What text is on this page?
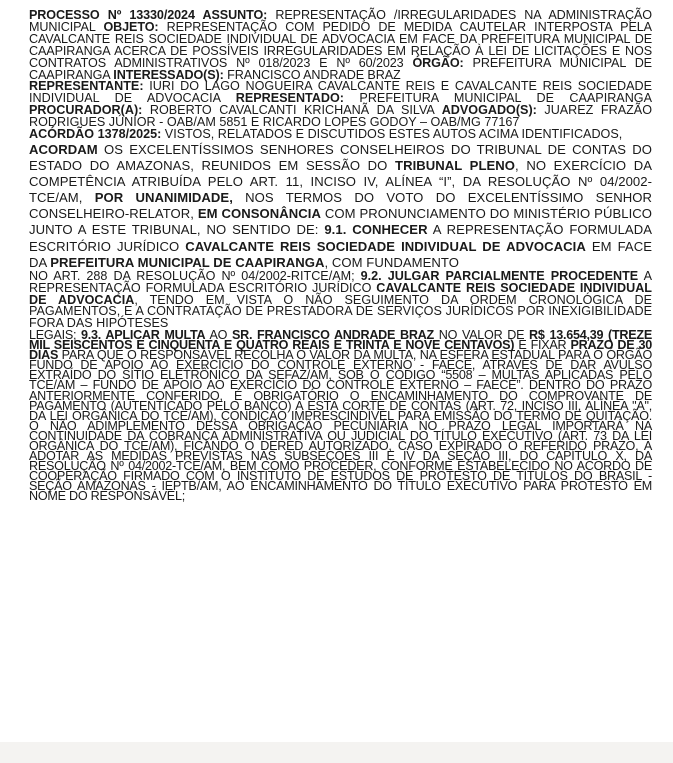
PROCESSO Nº 13330/2024 ASSUNTO: REPRESENTAÇÃO /IRREGULARIDADES NA ADMINISTRAÇÃO MUNICIPAL OBJETO: REPRESENTAÇÃO COM PEDIDO DE MEDIDA CAUTELAR INTERPOSTA PELA CAVALCANTE REIS SOCIEDADE INDIVIDUAL DE ADVOCACIA EM FACE DA PREFEITURA MUNICIPAL DE CAAPIRANGA ACERCA DE POSSÍVEIS IRREGULARIDADES EM RELAÇÃO À LEI DE LICITAÇÕES E NOS CONTRATOS ADMINISTRATIVOS Nº 018/2023 E Nº 60/2023 ÓRGÃO: PREFEITURA MUNICIPAL DE CAAPIRANGA INTERESSADO(S): FRANCISCO ANDRADE BRAZ

REPRESENTANTE: IURI DO LAGO NOGUEIRA CAVALCANTE REIS E CAVALCANTE REIS SOCIEDADE INDIVIDUAL DE ADVOCACIA REPRESENTADO: PREFEITURA MUNICIPAL DE CAAPIRANGA PROCURADOR(A): ROBERTO CAVALCANTI KRICHANÃ DA SILVA ADVOGADO(S): JUAREZ FRAZÃO RODRIGUES JÚNIOR - OAB/AM 5851 E RICARDO LOPES GODOY – OAB/MG 77167

ACÓRDÃO 1378/2025: VISTOS, RELATADOS E DISCUTIDOS ESTES AUTOS ACIMA IDENTIFICADOS,

ACORDAM OS EXCELENTÍSSIMOS SENHORES CONSELHEIROS DO TRIBUNAL DE CONTAS DO ESTADO DO AMAZONAS, REUNIDOS EM SESSÃO DO TRIBUNAL PLENO, NO EXERCÍCIO DA COMPETÊNCIA ATRIBUÍDA PELO ART. 11, INCISO IV, ALÍNEA “I”, DA RESOLUÇÃO Nº 04/2002-TCE/AM, POR UNANIMIDADE, NOS TERMOS DO VOTO DO EXCELENTÍSSIMO SENHOR CONSELHEIRO-RELATOR, EM CONSONÂNCIA COM PRONUNCIAMENTO DO MINISTÉRIO PÚBLICO JUNTO A ESTE TRIBUNAL, NO SENTIDO DE: 9.1. CONHECER A REPRESENTAÇÃO FORMULADA ESCRITÓRIO JURÍDICO CAVALCANTE REIS SOCIEDADE INDIVIDUAL DE ADVOCACIA EM FACE DA PREFEITURA MUNICIPAL DE CAAPIRANGA, COM FUNDAMENTO

NO ART. 288 DA RESOLUÇÃO Nº 04/2002-RITCE/AM; 9.2. JULGAR PARCIALMENTE PROCEDENTE A REPRESENTAÇÃO FORMULADA ESCRITÓRIO JURÍDICO CAVALCANTE REIS SOCIEDADE INDIVIDUAL DE ADVOCACIA, TENDO EM VISTA O NÃO SEGUIMENTO DA ORDEM CRONOLÓGICA DE PAGAMENTOS, E A CONTRATAÇÃO DE PRESTADORA DE SERVIÇOS JURÍDICOS POR INEXIGIBILIDADE FORA DAS HIPÓTESES

LEGAIS; 9.3. APLICAR MULTA AO SR. FRANCISCO ANDRADE BRAZ NO VALOR DE R$ 13.654,39 (TREZE MIL SEISCENTOS E CINQUENTA E QUATRO REAIS E TRINTA E NOVE CENTAVOS) E FIXAR PRAZO DE 30 DIAS PARA QUE O RESPONSÁVEL RECOLHA O VALOR DA MULTA, NA ESFERA ESTADUAL PARA O ÓRGÃO FUNDO DE APOIO AO EXERCÍCIO DO CONTROLE EXTERNO - FAECE, ATRAVÉS DE DAR AVULSO EXTRAÍDO DO SÍTIO ELETRÔNICO DA SEFAZ/AM, SOB O CÓDIGO “5508 – MULTAS APLICADAS PELO TCE/AM – FUNDO DE APOIO AO EXERCÍCIO DO CONTROLE EXTERNO – FAECE”. DENTRO DO PRAZO ANTERIORMENTE CONFERIDO, É OBRIGATÓRIO O ENCAMINHAMENTO DO COMPROVANTE DE PAGAMENTO (AUTENTICADO PELO BANCO) A ESTA CORTE DE CONTAS (ART. 72, INCISO III, ALÍNEA "A", DA LEI ORGÂNICA DO TCE/AM), CONDIÇÃO IMPRESCINDÍVEL PARA EMISSÃO DO TERMO DE QUITAÇÃO. O NÃO ADIMPLEMENTO DESSA OBRIGAÇÃO PECUNIÁRIA NO PRAZO LEGAL IMPORTARÁ NA CONTINUIDADE DA COBRANÇA ADMINISTRATIVA OU JUDICIAL DO TÍTULO EXECUTIVO (ART. 73 DA LEI ORGÂNICA DO TCE/AM), FICANDO O DERED AUTORIZADO, CASO EXPIRADO O REFERIDO PRAZO, A ADOTAR AS MEDIDAS PREVISTAS NAS SUBSEÇÕES III E IV DA SEÇÃO III, DO CAPÍTULO X, DA RESOLUÇÃO Nº 04/2002-TCE/AM, BEM COMO PROCEDER, CONFORME ESTABELECIDO NO ACORDO DE COOPERAÇÃO FIRMADO COM O INSTITUTO DE ESTUDOS DE PROTESTO DE TÍTULOS DO BRASIL - SEÇÃO AMAZONAS - IEPTB/AM, AO ENCAMINHAMENTO DO TÍTULO EXECUTIVO PARA PROTESTO EM NOME DO RESPONSÁVEL;
